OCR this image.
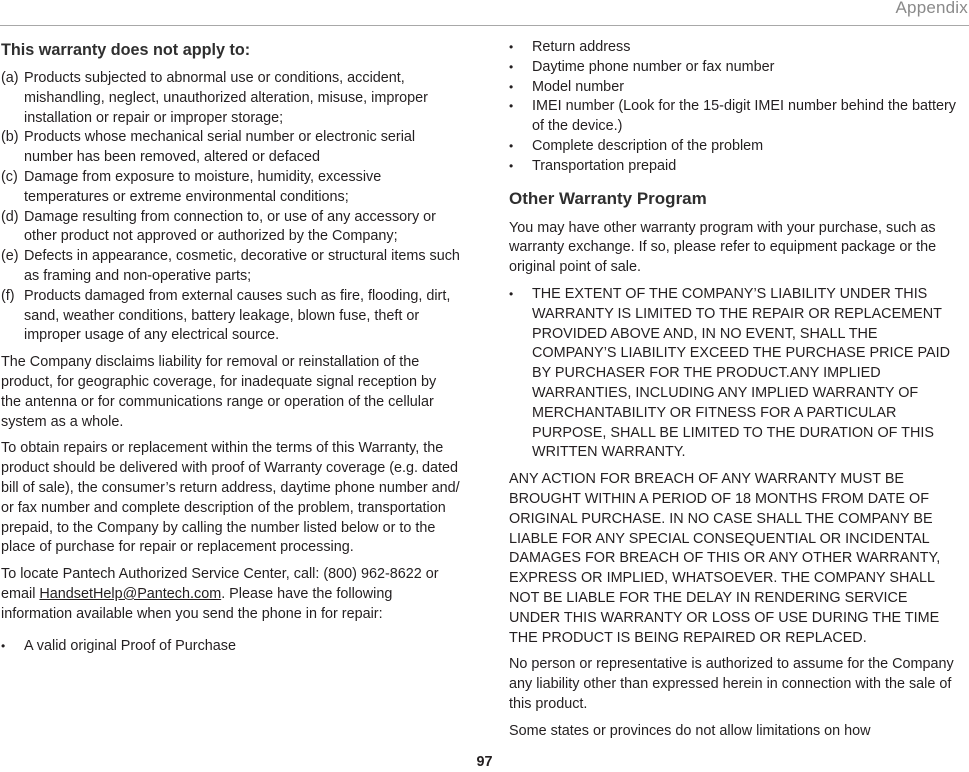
Appendix
This warranty does not apply to:
(a) Products subjected to abnormal use or conditions, accident, mishandling, neglect, unauthorized alteration, misuse, improper installation or repair or improper storage;
(b) Products whose mechanical serial number or electronic serial number has been removed, altered or defaced
(c) Damage from exposure to moisture, humidity, excessive temperatures or extreme environmental conditions;
(d) Damage resulting from connection to, or use of any accessory or other product not approved or authorized by the Company;
(e) Defects in appearance, cosmetic, decorative or structural items such as framing and non-operative parts;
(f) Products damaged from external causes such as fire, flooding, dirt, sand, weather conditions, battery leakage, blown fuse, theft or improper usage of any electrical source.

The Company disclaims liability for removal or reinstallation of the product, for geographic coverage, for inadequate signal reception by the antenna or for communications range or operation of the cellular system as a whole.

To obtain repairs or replacement within the terms of this Warranty, the product should be delivered with proof of Warranty coverage (e.g. dated bill of sale), the consumer’s return address, daytime phone number and/ or fax number and complete description of the problem, transportation prepaid, to the Company by calling the number listed below or to the place of purchase for repair or replacement processing.

To locate Pantech Authorized Service Center, call: (800) 962-8622 or email HandsetHelp@Pantech.com. Please have the following information available when you send the phone in for repair:

• A valid original Proof of Purchase
• Return address
• Daytime phone number or fax number
• Model number
• IMEI number (Look for the 15-digit IMEI number behind the battery of the device.)
• Complete description of the problem
• Transportation prepaid
Other Warranty Program

You may have other warranty program with your purchase, such as warranty exchange. If so, please refer to equipment package or the original point of sale.

• THE EXTENT OF THE COMPANY’S LIABILITY UNDER THIS WARRANTY IS LIMITED TO THE REPAIR OR REPLACEMENT PROVIDED ABOVE AND, IN NO EVENT, SHALL THE COMPANY’S LIABILITY EXCEED THE PURCHASE PRICE PAID BY PURCHASER FOR THE PRODUCT.ANY IMPLIED WARRANTIES, INCLUDING ANY IMPLIED WARRANTY OF MERCHANTABILITY OR FITNESS FOR A PARTICULAR PURPOSE, SHALL BE LIMITED TO THE DURATION OF THIS WRITTEN WARRANTY.

ANY ACTION FOR BREACH OF ANY WARRANTY MUST BE BROUGHT WITHIN A PERIOD OF 18 MONTHS FROM DATE OF ORIGINAL PURCHASE. IN NO CASE SHALL THE COMPANY BE LIABLE FOR ANY SPECIAL CONSEQUENTIAL OR INCIDENTAL DAMAGES FOR BREACH OF THIS OR ANY OTHER WARRANTY, EXPRESS OR IMPLIED, WHATSOEVER. THE COMPANY SHALL NOT BE LIABLE FOR THE DELAY IN RENDERING SERVICE UNDER THIS WARRANTY OR LOSS OF USE DURING THE TIME THE PRODUCT IS BEING REPAIRED OR REPLACED.

No person or representative is authorized to assume for the Company any liability other than expressed herein in connection with the sale of this product.

Some states or provinces do not allow limitations on how

97
